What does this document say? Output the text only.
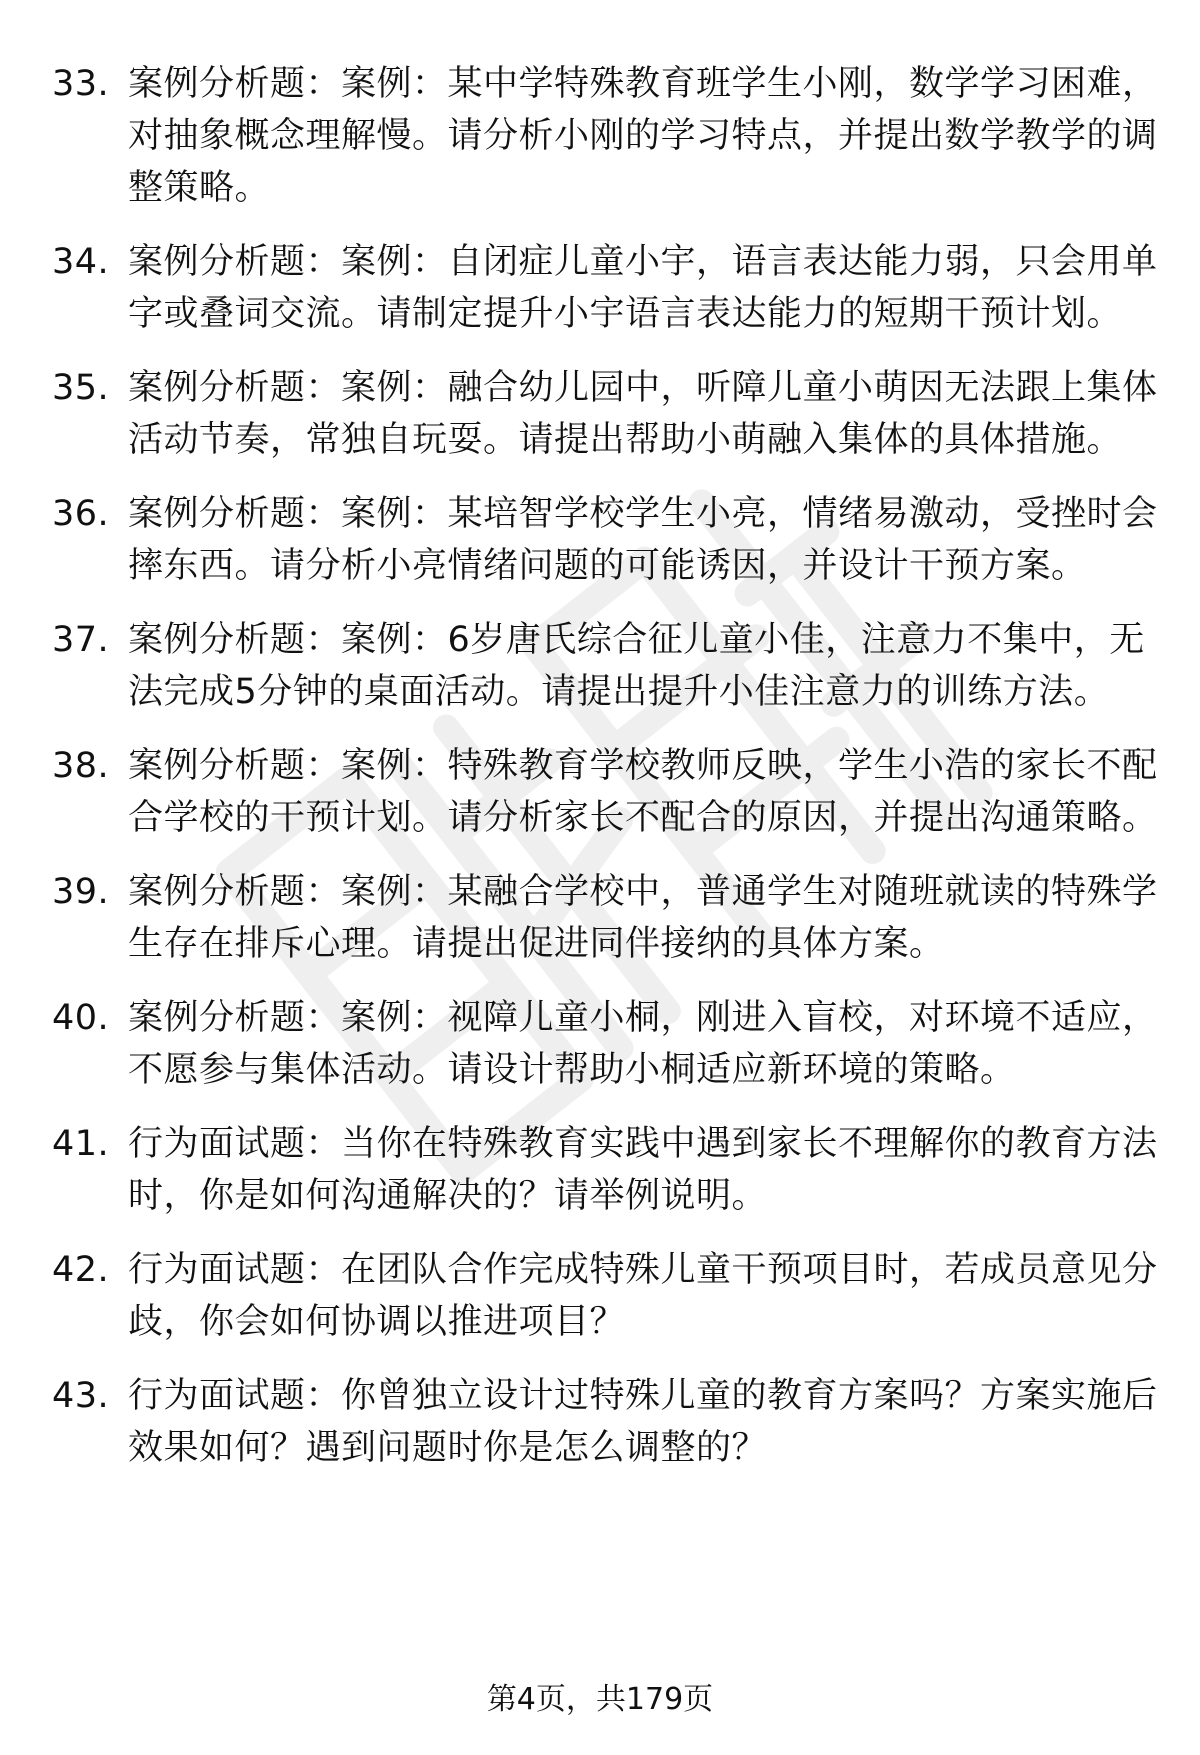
33. 案例分析题：案例：某中学特殊教育班学生小刚，数学学习困难，对抽象概念理解慢。请分析小刚的学习特点，并提出数学教学的调整策略。
34. 案例分析题：案例：自闭症儿童小宇，语言表达能力弱，只会用单字或叠词交流。请制定提升小宇语言表达能力的短期干预计划。
35. 案例分析题：案例：融合幼儿园中，听障儿童小萌因无法跟上集体活动节奏，常独自玩耍。请提出帮助小萌融入集体的具体措施。
36. 案例分析题：案例：某培智学校学生小亮，情绪易激动，受挫时会摔东西。请分析小亮情绪问题的可能诱因，并设计干预方案。
37. 案例分析题：案例：6岁唐氏综合征儿童小佳，注意力不集中，无法完成5分钟的桌面活动。请提出提升小佳注意力的训练方法。
38. 案例分析题：案例：特殊教育学校教师反映，学生小浩的家长不配合学校的干预计划。请分析家长不配合的原因，并提出沟通策略。
39. 案例分析题：案例：某融合学校中，普通学生对随班就读的特殊学生存在排斥心理。请提出促进同伴接纳的具体方案。
40. 案例分析题：案例：视障儿童小桐，刚进入盲校，对环境不适应，不愿参与集体活动。请设计帮助小桐适应新环境的策略。
41. 行为面试题：当你在特殊教育实践中遇到家长不理解你的教育方法时，你是如何沟通解决的？请举例说明。
42. 行为面试题：在团队合作完成特殊儿童干预项目时，若成员意见分歧，你会如何协调以推进项目？
43. 行为面试题：你曾独立设计过特殊儿童的教育方案吗？方案实施后效果如何？遇到问题时你是怎么调整的？
第4页，共179页
